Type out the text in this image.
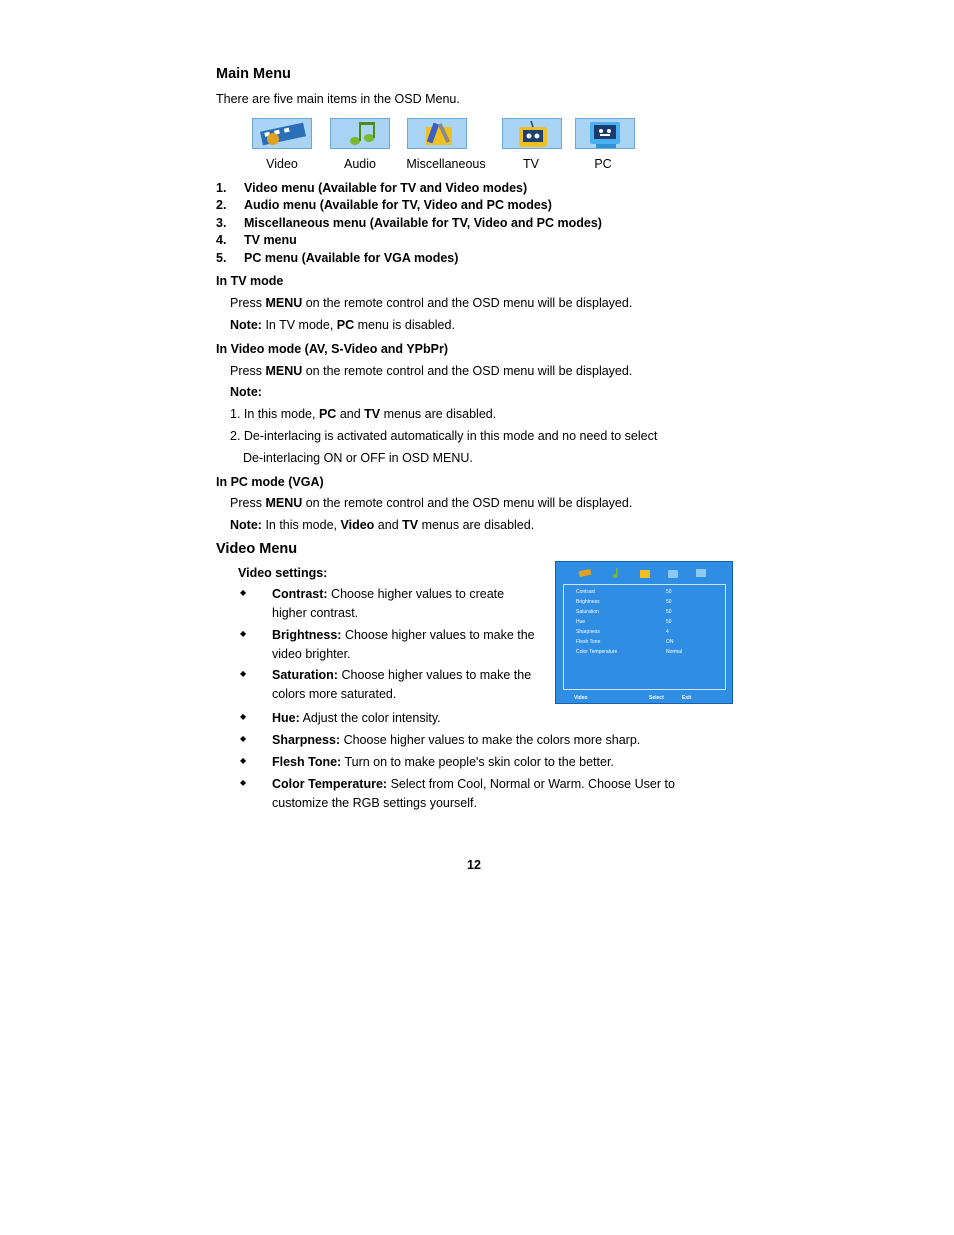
Main Menu
There are five main items in the OSD Menu.
Video	Audio	Miscellaneous	TV	PC
1. Video menu (Available for TV and Video modes)
2. Audio menu (Available for TV, Video and PC modes)
3. Miscellaneous menu (Available for TV, Video and PC modes)
4. TV menu
5. PC menu (Available for VGA modes)
In TV mode
Press MENU on the remote control and the OSD menu will be displayed.
Note: In TV mode, PC menu is disabled.
In Video mode (AV, S-Video and YPbPr)
Press MENU on the remote control and the OSD menu will be displayed.
Note:
1. In this mode, PC and TV menus are disabled.
2. De-interlacing is activated automatically in this mode and no need to select
De-interlacing ON or OFF in OSD MENU.
In PC mode (VGA)
Press MENU on the remote control and the OSD menu will be displayed.
Note: In this mode, Video and TV menus are disabled.
Video Menu
Video settings:
◆ Contrast: Choose higher values to create
higher contrast.
◆ Brightness: Choose higher values to make the
video brighter.
◆ Saturation: Choose higher values to make the
colors more saturated.
◆ Hue: Adjust the color intensity.
◆ Sharpness: Choose higher values to make the colors more sharp.
◆ Flesh Tone: Turn on to make people's skin color to the better.
◆ Color Temperature: Select from Cool, Normal or Warm. Choose User to
customize the RGB settings yourself.
Contrast	50
Brightness	50
Saturation	50
Hue	50
Sharpness	4
Flesh Tone	ON
Color Temperature	Normal
Video	Select	Exit
12
